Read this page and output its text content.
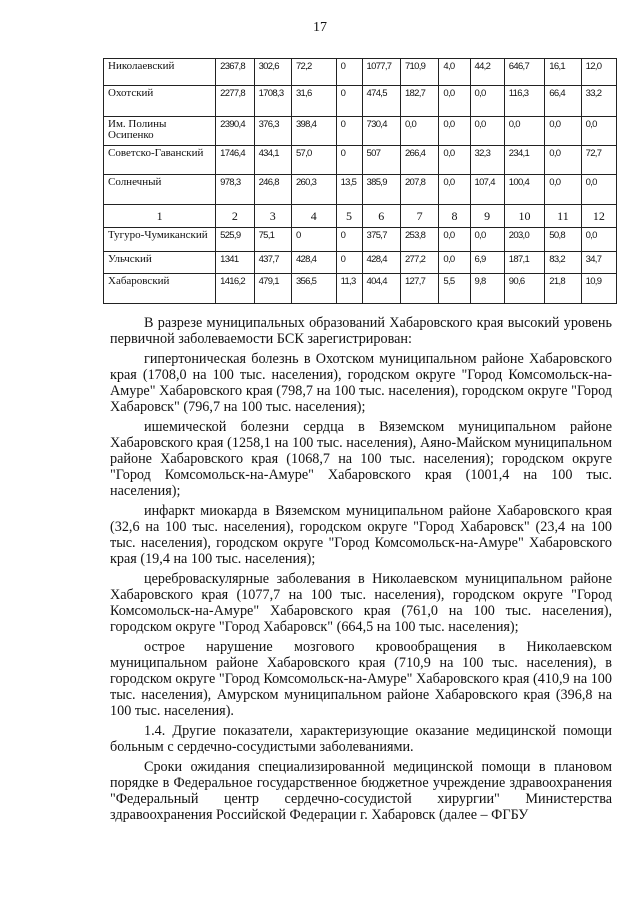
17
Николаевский	2367,8	302,6	72,2	0	1077,7	710,9	4,0	44,2	646,7	16,1	12,0
Охотский	2277,8	1708,3	31,6	0	474,5	182,7	0,0	0,0	116,3	66,4	33,2
Им. Полины Осипенко	2390,4	376,3	398,4	0	730,4	0,0	0,0	0,0	0,0	0,0	0,0
Советско-Гаванский	1746,4	434,1	57,0	0	507	266,4	0,0	32,3	234,1	0,0	72,7
Солнечный	978,3	246,8	260,3	13,5	385,9	207,8	0,0	107,4	100,4	0,0	0,0
1	2	3	4	5	6	7	8	9	10	11	12
Тугуро-Чумиканский	525,9	75,1	0	0	375,7	253,8	0,0	0,0	203,0	50,8	0,0
Ульчский	1341	437,7	428,4	0	428,4	277,2	0,0	6,9	187,1	83,2	34,7
Хабаровский	1416,2	479,1	356,5	11,3	404,4	127,7	5,5	9,8	90,6	21,8	10,9

В разрезе муниципальных образований Хабаровского края высокий уровень первичной заболеваемости БСК зарегистрирован:

гипертоническая болезнь в Охотском муниципальном районе Хабаровского края (1708,0 на 100 тыс. населения), городском округе "Город Комсомольск-на-Амуре" Хабаровского края (798,7 на 100 тыс. населения), городском округе "Город Хабаровск" (796,7 на 100 тыс. населения);

ишемической болезни сердца в Вяземском муниципальном районе Хабаровского края (1258,1 на 100 тыс. населения), Аяно-Майском муниципальном районе Хабаровского края (1068,7 на 100 тыс. населения); городском округе "Город Комсомольск-на-Амуре" Хабаровского края (1001,4 на 100 тыс. населения);

инфаркт миокарда в Вяземском муниципальном районе Хабаровского края (32,6 на 100 тыс. населения), городском округе "Город Хабаровск" (23,4 на 100 тыс. населения), городском округе "Город Комсомольск-на-Амуре" Хабаровского края (19,4 на 100 тыс. населения);

цереброваскулярные заболевания в Николаевском муниципальном районе Хабаровского края (1077,7 на 100 тыс. населения), городском округе "Город Комсомольск-на-Амуре" Хабаровского края (761,0 на 100 тыс. населения), городском округе "Город Хабаровск" (664,5 на 100 тыс. населения);

острое нарушение мозгового кровообращения в Николаевском муниципальном районе Хабаровского края (710,9 на 100 тыс. населения), в городском округе "Город Комсомольск-на-Амуре" Хабаровского края (410,9 на 100 тыс. населения), Амурском муниципальном районе Хабаровского края (396,8 на 100 тыс. населения).

1.4. Другие показатели, характеризующие оказание медицинской помощи больным с сердечно-сосудистыми заболеваниями.

Сроки ожидания специализированной медицинской помощи в плановом порядке в Федеральное государственное бюджетное учреждение здравоохранения "Федеральный центр сердечно-сосудистой хирургии" Министерства здравоохранения Российской Федерации г. Хабаровск (далее – ФГБУ
